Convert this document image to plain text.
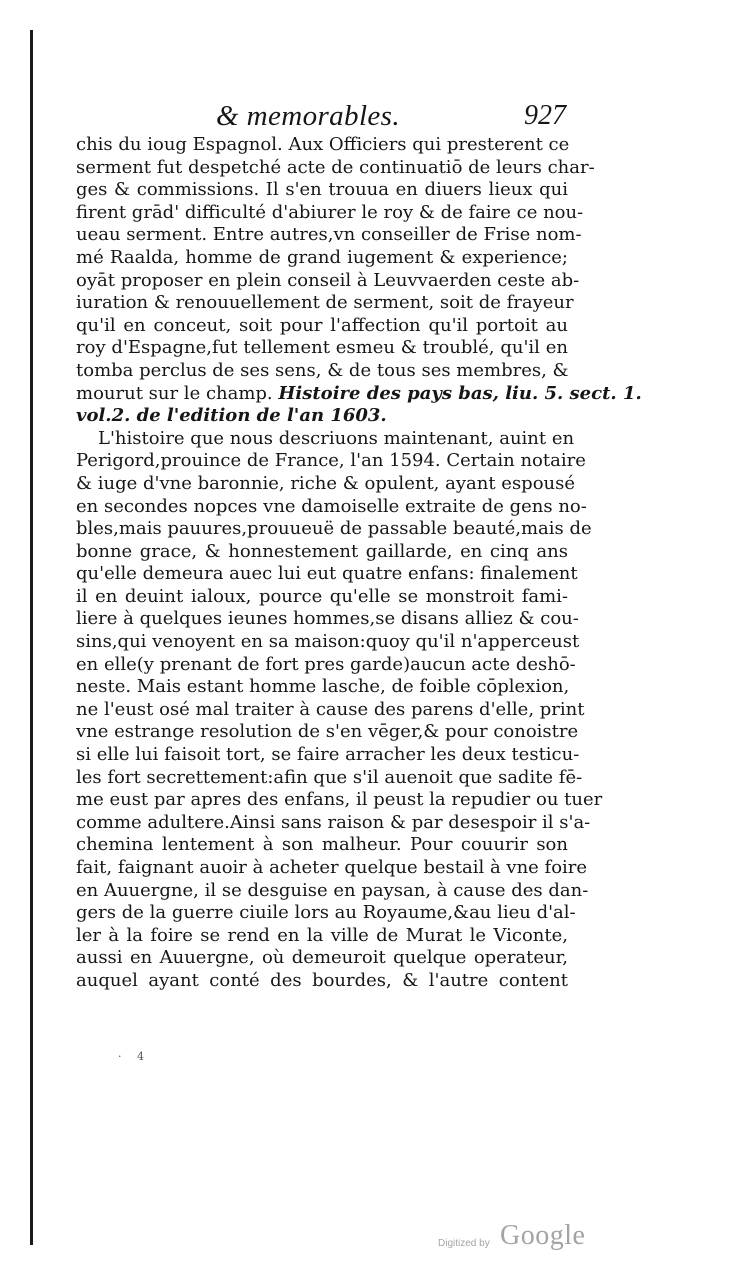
& memorables.	927
chis du ioug Espagnol. Aux Officiers qui presterent ce
serment fut despetché acte de continuatiō de leurs char-
ges & commissions. Il s'en trouua en diuers lieux qui
firent grād' difficulté d'abiurer le roy & de faire ce nou-
ueau serment. Entre autres,vn conseiller de Frise nom-
mé Raalda, homme de grand iugement & experience;
oyāt proposer en plein conseil à Leuvvaerden ceste ab-
iuration & renouuellement de serment, soit de frayeur
qu'il en conceut, soit pour l'affection qu'il portoit au
roy d'Espagne,fut tellement esmeu & troublé, qu'il en
tomba perclus de ses sens, & de tous ses membres, &
mourut sur le champ. Histoire des pays bas, liu. 5. sect. 1.
vol.2. de l'edition de l'an 1603.
L'histoire que nous descriuons maintenant, auint en
Perigord,prouince de France, l'an 1594. Certain notaire
& iuge d'vne baronnie, riche & opulent, ayant espousé
en secondes nopces vne damoiselle extraite de gens no-
bles,mais pauures,prouueuë de passable beauté,mais de
bonne grace, & honnestement gaillarde, en cinq ans
qu'elle demeura auec lui eut quatre enfans: finalement
il en deuint ialoux, pource qu'elle se monstroit fami-
liere à quelques ieunes hommes,se disans alliez & cou-
sins,qui venoyent en sa maison:quoy qu'il n'apperceust
en elle(y prenant de fort pres garde)aucun acte deshō-
neste. Mais estant homme lasche, de foible cōplexion,
ne l'eust osé mal traiter à cause des parens d'elle, print
vne estrange resolution de s'en vēger,& pour conoistre
si elle lui faisoit tort, se faire arracher les deux testicu-
les fort secrettement:afin que s'il auenoit que sadite fē-
me eust par apres des enfans, il peust la repudier ou tuer
comme adultere.Ainsi sans raison & par desespoir il s'a-
chemina lentement à son malheur. Pour couurir son
fait, faignant auoir à acheter quelque bestail à vne foire
en Auuergne, il se desguise en paysan, à cause des dan-
gers de la guerre ciuile lors au Royaume,&au lieu d'al-
ler à la foire se rend en la ville de Murat le Viconte,
aussi en Auuergne, où demeuroit quelque operateur,
auquel ayant conté des bourdes, & l'autre content
· 4
Digitized by Google
